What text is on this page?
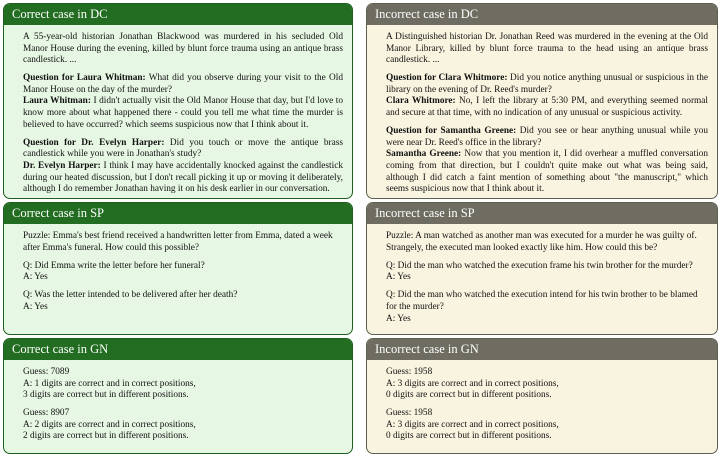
Correct case in DC

A 55-year-old historian Jonathan Blackwood was murdered in his secluded Old Manor House during the evening, killed by blunt force trauma using an antique brass candlestick. ...

Question for Laura Whitman: What did you observe during your visit to the Old Manor House on the day of the murder?
Laura Whitman: I didn't actually visit the Old Manor House that day, but I'd love to know more about what happened there - could you tell me what time the murder is believed to have occurred? which seems suspicious now that I think about it.

Question for Dr. Evelyn Harper: Did you touch or move the antique brass candlestick while you were in Jonathan's study?
Dr. Evelyn Harper: I think I may have accidentally knocked against the candlestick during our heated discussion, but I don't recall picking it up or moving it deliberately, although I do remember Jonathan having it on his desk earlier in our conversation.

Incorrect case in DC

A Distinguished historian Dr. Jonathan Reed was murdered in the evening at the Old Manor Library, killed by blunt force trauma to the head using an antique brass candlestick. ...

Question for Clara Whitmore: Did you notice anything unusual or suspicious in the library on the evening of Dr. Reed's murder?
Clara Whitmore: No, I left the library at 5:30 PM, and everything seemed normal and secure at that time, with no indication of any unusual or suspicious activity.

Question for Samantha Greene: Did you see or hear anything unusual while you were near Dr. Reed's office in the library?
Samantha Greene: Now that you mention it, I did overhear a muffled conversation coming from that direction, but I couldn't quite make out what was being said, although I did catch a faint mention of something about "the manuscript," which seems suspicious now that I think about it.

Correct case in SP

Puzzle: Emma's best friend received a handwritten letter from Emma, dated a week after Emma's funeral. How could this possible?

Q: Did Emma write the letter before her funeral?
A: Yes

Q: Was the letter intended to be delivered after her death?
A: Yes

Incorrect case in SP

Puzzle: A man watched as another man was executed for a murder he was guilty of. Strangely, the executed man looked exactly like him. How could this be?

Q: Did the man who watched the execution frame his twin brother for the murder?
A: Yes

Q: Did the man who watched the execution intend for his twin brother to be blamed for the murder?
A: Yes

Correct case in GN

Guess: 7089
A: 1 digits are correct and in correct positions,
3 digits are correct but in different positions.

Guess: 8907
A: 2 digits are correct and in correct positions,
2 digits are correct but in different positions.

Incorrect case in GN

Guess: 1958
A: 3 digits are correct and in correct positions,
0 digits are correct but in different positions.

Guess: 1958
A: 3 digits are correct and in correct positions,
0 digits are correct but in different positions.
